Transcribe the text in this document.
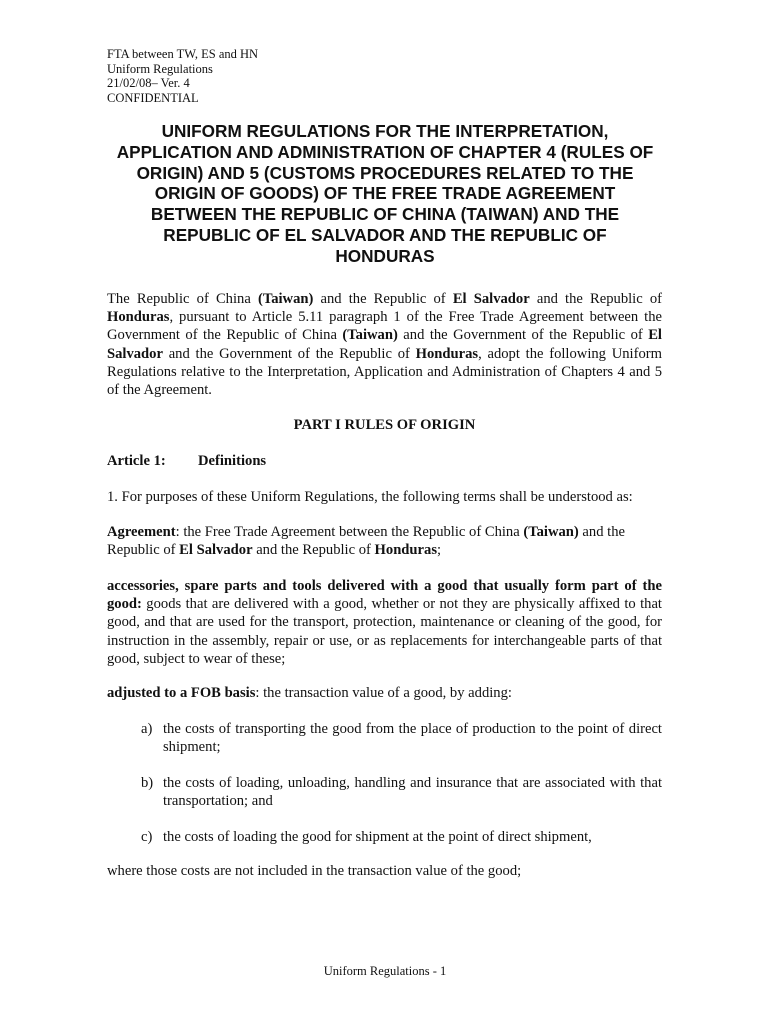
FTA between TW, ES and HN
Uniform Regulations
21/02/08– Ver. 4
CONFIDENTIAL
UNIFORM REGULATIONS FOR THE INTERPRETATION,
APPLICATION AND ADMINISTRATION OF CHAPTER 4 (RULES OF
ORIGIN) AND 5 (CUSTOMS PROCEDURES RELATED TO THE
ORIGIN OF GOODS) OF THE FREE TRADE AGREEMENT
BETWEEN THE REPUBLIC OF CHINA (TAIWAN) AND THE
REPUBLIC OF EL SALVADOR AND THE REPUBLIC OF
HONDURAS
The Republic of China (Taiwan) and the Republic of El Salvador and the Republic of Honduras, pursuant to Article 5.11 paragraph 1 of the Free Trade Agreement between the Government of the Republic of China (Taiwan) and the Government of the Republic of El Salvador and the Government of the Republic of Honduras, adopt the following Uniform Regulations relative to the Interpretation, Application and Administration of Chapters 4 and 5 of the Agreement.
PART I RULES OF ORIGIN
Article 1: Definitions
1. For purposes of these Uniform Regulations, the following terms shall be understood as:
Agreement: the Free Trade Agreement between the Republic of China (Taiwan) and the Republic of El Salvador and the Republic of Honduras;
accessories, spare parts and tools delivered with a good that usually form part of the good: goods that are delivered with a good, whether or not they are physically affixed to that good, and that are used for the transport, protection, maintenance or cleaning of the good, for instruction in the assembly, repair or use, or as replacements for interchangeable parts of that good, subject to wear of these;
adjusted to a FOB basis: the transaction value of a good, by adding:
a) the costs of transporting the good from the place of production to the point of direct shipment;
b) the costs of loading, unloading, handling and insurance that are associated with that transportation; and
c) the costs of loading the good for shipment at the point of direct shipment,
where those costs are not included in the transaction value of the good;
Uniform Regulations - 1
